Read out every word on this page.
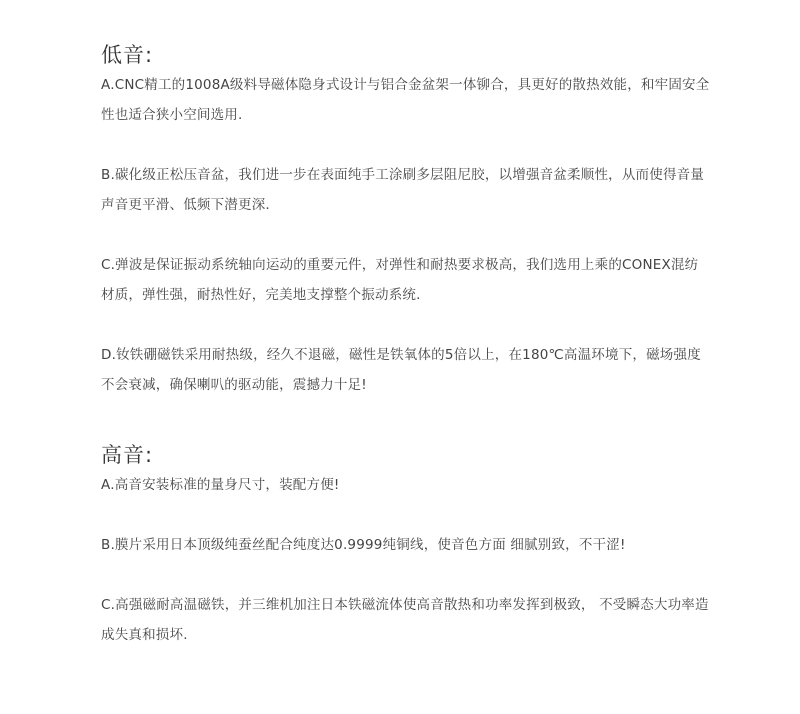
低音:

A.CNC精工的1008A级料导磁体隐身式设计与铝合金盆架一体铆合，具更好的散热效能，和牢固安全性也适合狭小空间选用.

B.碳化级正松压音盆，我们进一步在表面纯手工涂刷多层阻尼胶，以增强音盆柔顺性，从而使得音量声音更平滑、低频下潜更深.

C.弹波是保证振动系统轴向运动的重要元件，对弹性和耐热要求极高，我们选用上乘的CONEX混纺材质，弹性强，耐热性好，完美地支撑整个振动系统.

D.钕铁硼磁铁采用耐热级，经久不退磁，磁性是铁氧体的5倍以上，在180℃高温环境下，磁场强度不会衰减，确保喇叭的驱动能，震撼力十足!

高音:

A.高音安装标准的量身尺寸，装配方便!

B.膜片采用日本顶级纯蚕丝配合纯度达0.9999纯铜线，使音色方面 细腻别致，不干涩!

C.高强磁耐高温磁铁，并三维机加注日本铁磁流体使高音散热和功率发挥到极致， 不受瞬态大功率造成失真和损坏.
